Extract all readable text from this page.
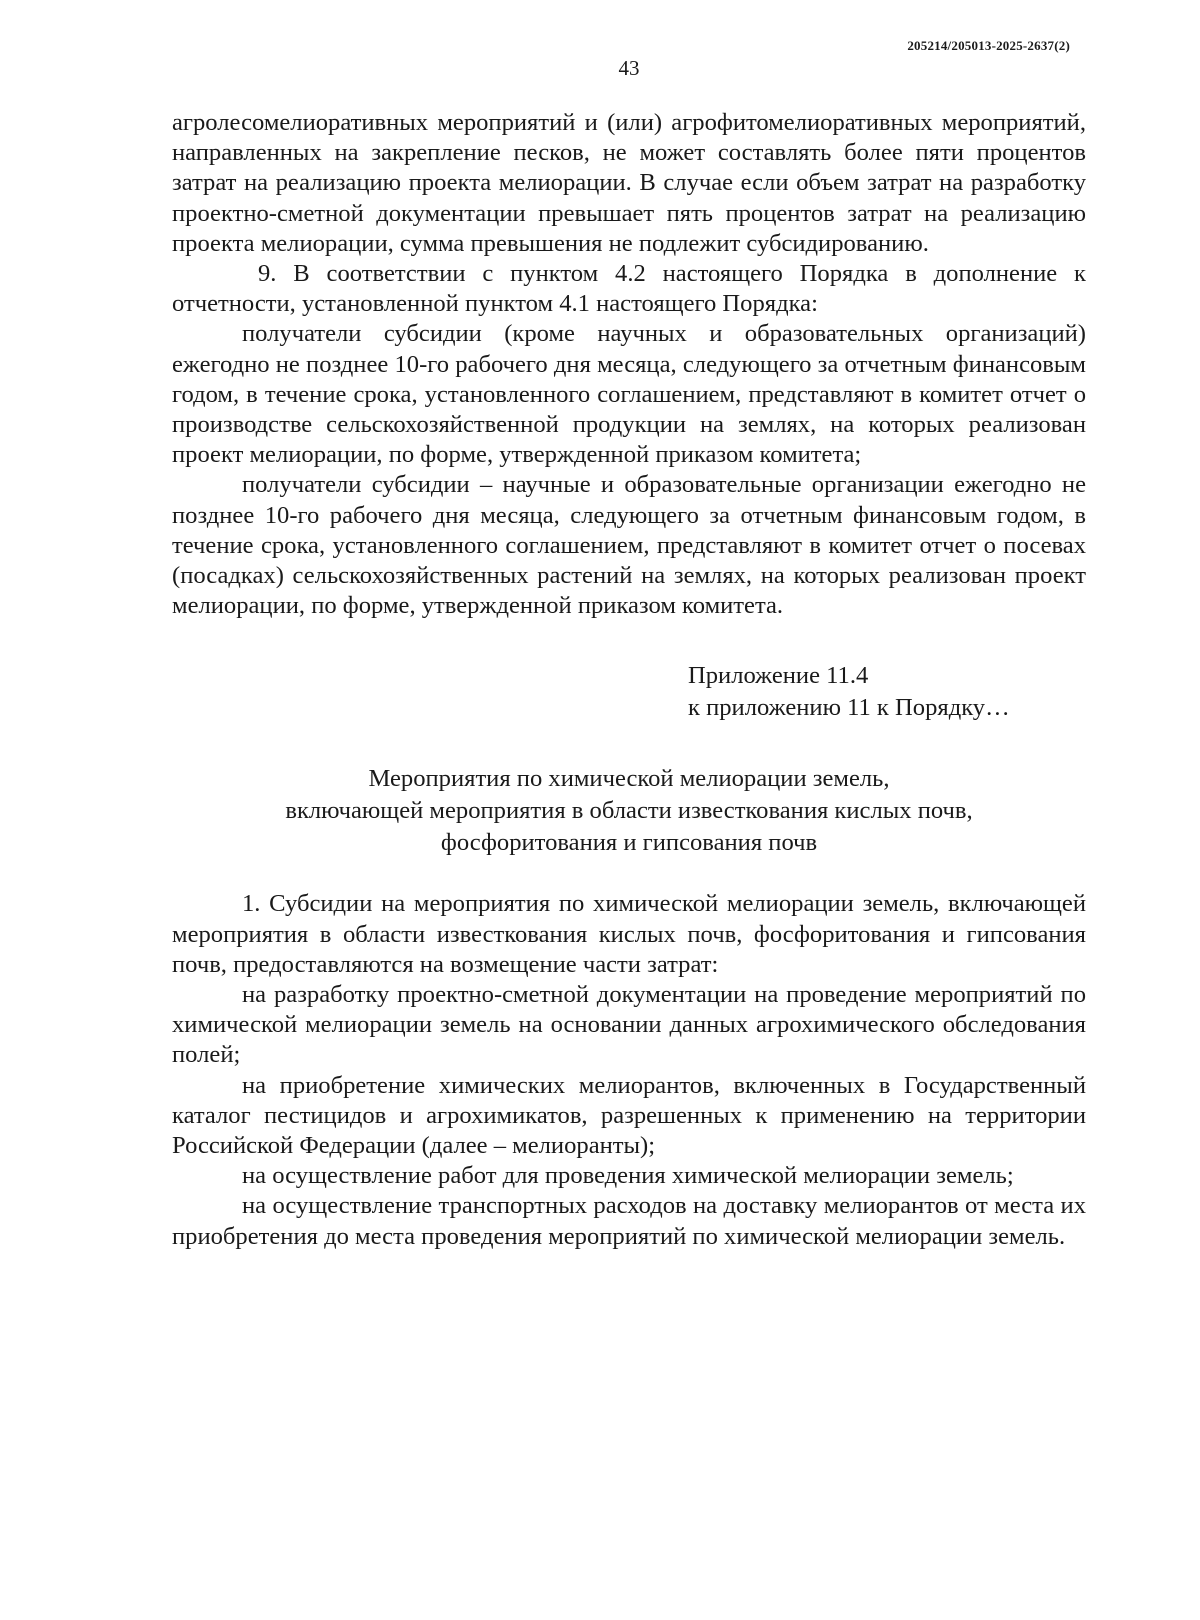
205214/205013-2025-2637(2)
43

агролесомелиоративных мероприятий и (или) агрофитомелиоративных мероприятий, направленных на закрепление песков, не может составлять более пяти процентов затрат на реализацию проекта мелиорации. В случае если объем затрат на разработку проектно-сметной документации превышает пять процентов затрат на реализацию проекта мелиорации, сумма превышения не подлежит субсидированию.

9. В соответствии с пунктом 4.2 настоящего Порядка в дополнение к отчетности, установленной пунктом 4.1 настоящего Порядка:

получатели субсидии (кроме научных и образовательных организаций) ежегодно не позднее 10-го рабочего дня месяца, следующего за отчетным финансовым годом, в течение срока, установленного соглашением, представляют в комитет отчет о производстве сельскохозяйственной продукции на землях, на которых реализован проект мелиорации, по форме, утвержденной приказом комитета;

получатели субсидии – научные и образовательные организации ежегодно не позднее 10-го рабочего дня месяца, следующего за отчетным финансовым годом, в течение срока, установленного соглашением, представляют в комитет отчет о посевах (посадках) сельскохозяйственных растений на землях, на которых реализован проект мелиорации, по форме, утвержденной приказом комитета.

Приложение 11.4
к приложению 11 к Порядку…
Мероприятия по химической мелиорации земель,
включающей мероприятия в области известкования кислых почв,
фосфоритования и гипсования почв

1. Субсидии на мероприятия по химической мелиорации земель, включающей мероприятия в области известкования кислых почв, фосфоритования и гипсования почв, предоставляются на возмещение части затрат:

на разработку проектно-сметной документации на проведение мероприятий по химической мелиорации земель на основании данных агрохимического обследования полей;

на приобретение химических мелиорантов, включенных в Государственный каталог пестицидов и агрохимикатов, разрешенных к применению на территории Российской Федерации (далее – мелиоранты);

на осуществление работ для проведения химической мелиорации земель;

на осуществление транспортных расходов на доставку мелиорантов от места их приобретения до места проведения мероприятий по химической мелиорации земель.
